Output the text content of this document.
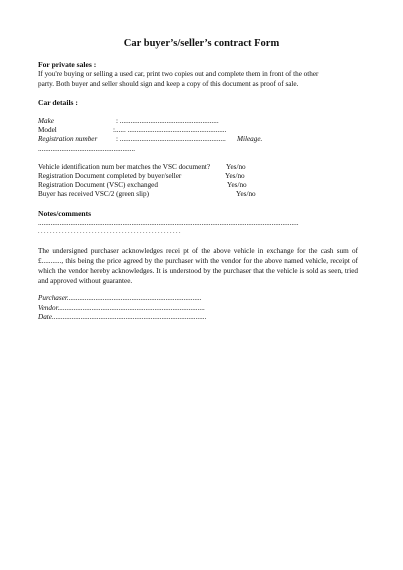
Car buyer’s/seller’s contract Form
For private sales :
If you're buying or selling a used car, print two copies out and complete them in front of the other
party. Both buyer and seller should sign and keep a copy of this document as proof of sale.
Car details :
Make	: .......................................................
Model	:...... .......................................................
Registration number	: ........................................................... Mileage.
......................................................
Vehicle identification num ber matches the VSC document? Yes/no
Registration Document completed by buyer/seller	Yes/no
Registration Document (VSC) exchanged	Yes/no
Buyer has received VSC/2 (green slip)	Yes/no
Notes/comments
.................................................................................................................................................
. . . . . . . . . . . . . . . . . . . . . . . . . . . . . . . . . . . . . . . . . . . . . . . .
The undersigned purchaser acknowledges recei pt of the above vehicle in exchange for the cash sum of £..........., this being the price agreed by the purchaser with the vendor for the above named vehicle, receipt of which the vendor hereby acknowledges. It is understood by the purchaser that the vehicle is sold as seen, tried and approved without guarantee.
Purchaser...........................................................................
Vendor..................................................................................
Date......................................................................................
